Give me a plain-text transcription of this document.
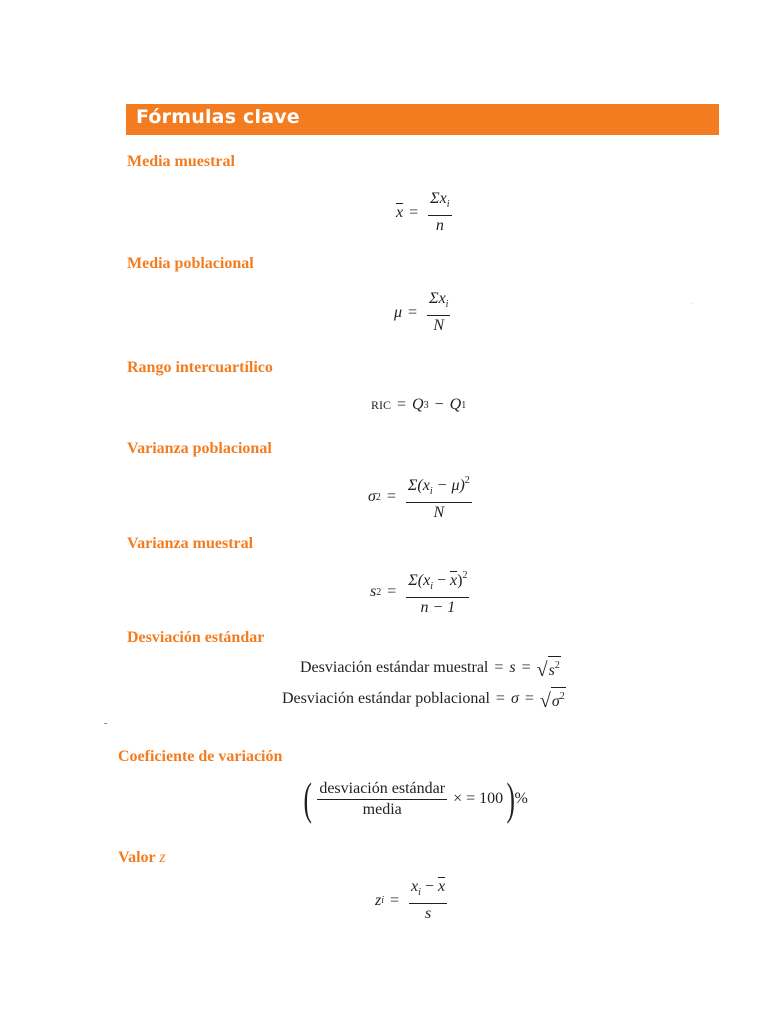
Fórmulas clave
Media muestral
$\overline{x} = \frac{\Sigma x_i}{n}$
Media poblacional
$\mu = \frac{\Sigma x_i}{N}$
Rango intercuartílico
RIC = Q 3 − Q 1
Varianza poblacional
σ $2 = \frac{\Sigma(x_i - \mu)^2}{N}$
Varianza muestral
s $2 = \frac{\Sigma(x_i - \overline{x})^2}{n - 1}$
Desviación estándar
Desviación estándar muestral = s = √ $s^2$
Desviación estándar poblacional = σ = √ $\sigma^2$
-
.
Coeficiente de variación
( $\frac{\text{desviación estándar}}{\text{media}}$ × = 100 ) %
Valor z
z $i = \frac{x_i - \overline{x}}{s}$
